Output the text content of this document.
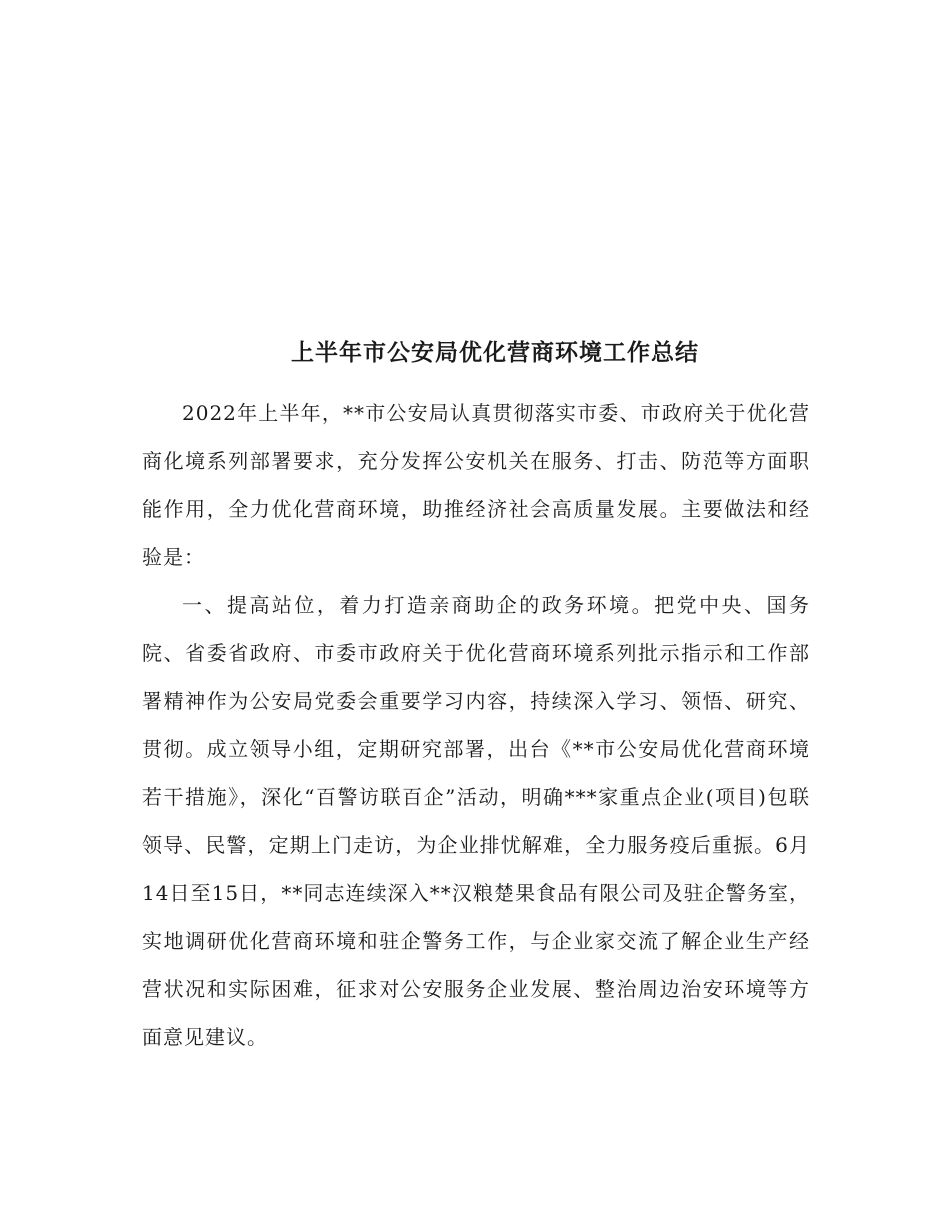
上半年市公安局优化营商环境工作总结

2022年上半年，**市公安局认真贯彻落实市委、市政府关于优化营商化境系列部署要求，充分发挥公安机关在服务、打击、防范等方面职能作用，全力优化营商环境，助推经济社会高质量发展。主要做法和经验是：

一、提高站位，着力打造亲商助企的政务环境。把党中央、国务院、省委省政府、市委市政府关于优化营商环境系列批示指示和工作部署精神作为公安局党委会重要学习内容，持续深入学习、领悟、研究、贯彻。成立领导小组，定期研究部署，出台《**市公安局优化营商环境若干措施》，深化“百警访联百企”活动，明确***家重点企业(项目)包联领导、民警，定期上门走访，为企业排忧解难，全力服务疫后重振。6月14日至15日，**同志连续深入**汉粮楚果食品有限公司及驻企警务室，实地调研优化营商环境和驻企警务工作，与企业家交流了解企业生产经营状况和实际困难，征求对公安服务企业发展、整治周边治安环境等方面意见建议。
